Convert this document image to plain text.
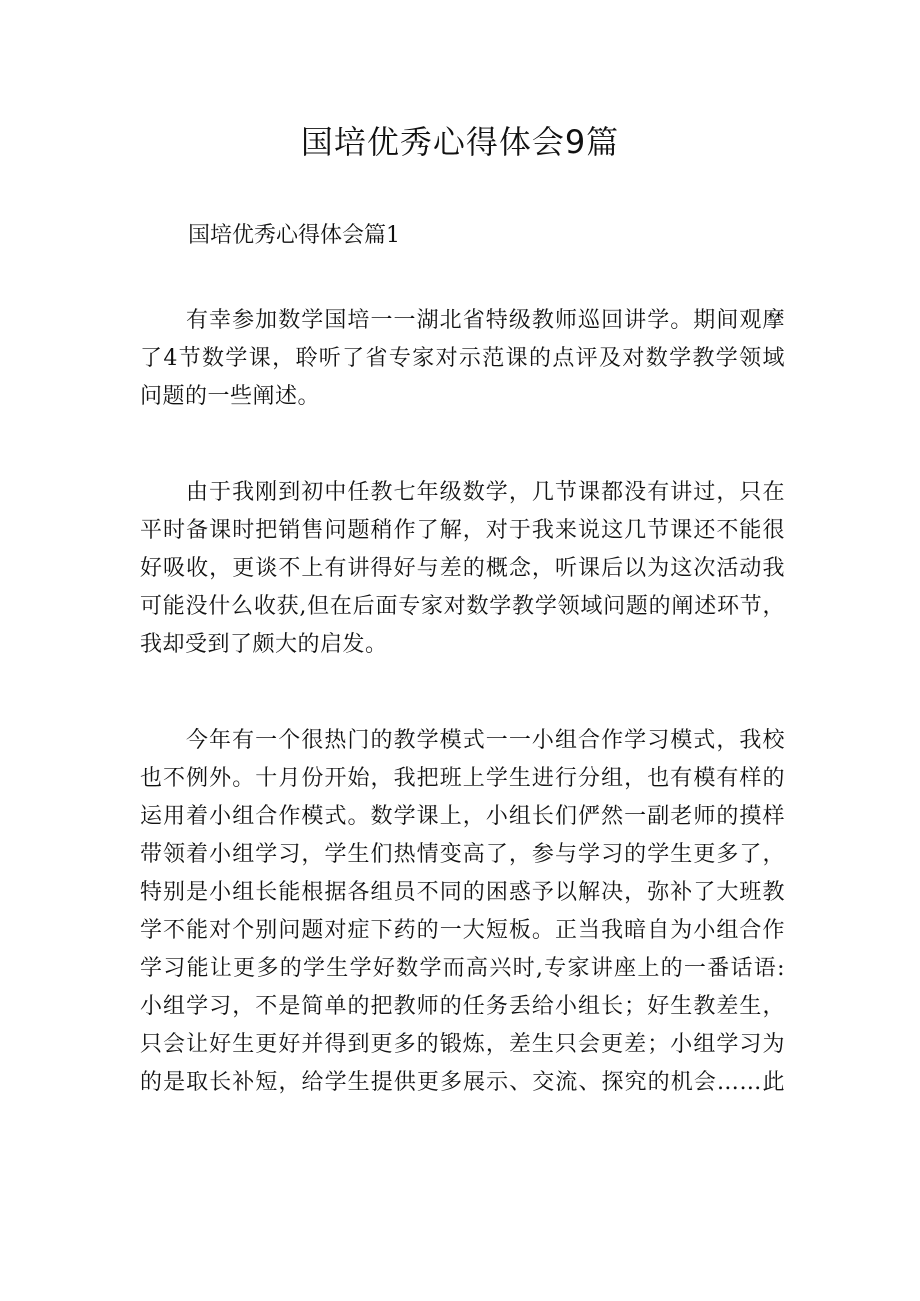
国培优秀心得体会9篇
国培优秀心得体会篇1

有幸参加数学国培一一湖北省特级教师巡回讲学。期间观摩
了4节数学课，聆听了省专家对示范课的点评及对数学教学领域
问题的一些阐述。

由于我刚到初中任教七年级数学，几节课都没有讲过，只在
平时备课时把销售问题稍作了解，对于我来说这几节课还不能很
好吸收，更谈不上有讲得好与差的概念，听课后以为这次活动我
可能没什么收获,但在后面专家对数学教学领域问题的阐述环节，
我却受到了颇大的启发。

今年有一个很热门的教学模式一一小组合作学习模式，我校
也不例外。十月份开始，我把班上学生进行分组，也有模有样的
运用着小组合作模式。数学课上，小组长们俨然一副老师的摸样
带领着小组学习，学生们热情变高了，参与学习的学生更多了，
特别是小组长能根据各组员不同的困惑予以解决，弥补了大班教
学不能对个别问题对症下药的一大短板。正当我暗自为小组合作
学习能让更多的学生学好数学而高兴时,专家讲座上的一番话语:
小组学习，不是简单的把教师的任务丢给小组长；好生教差生，
只会让好生更好并得到更多的锻炼，差生只会更差；小组学习为
的是取长补短，给学生提供更多展示、交流、探究的机会……此
